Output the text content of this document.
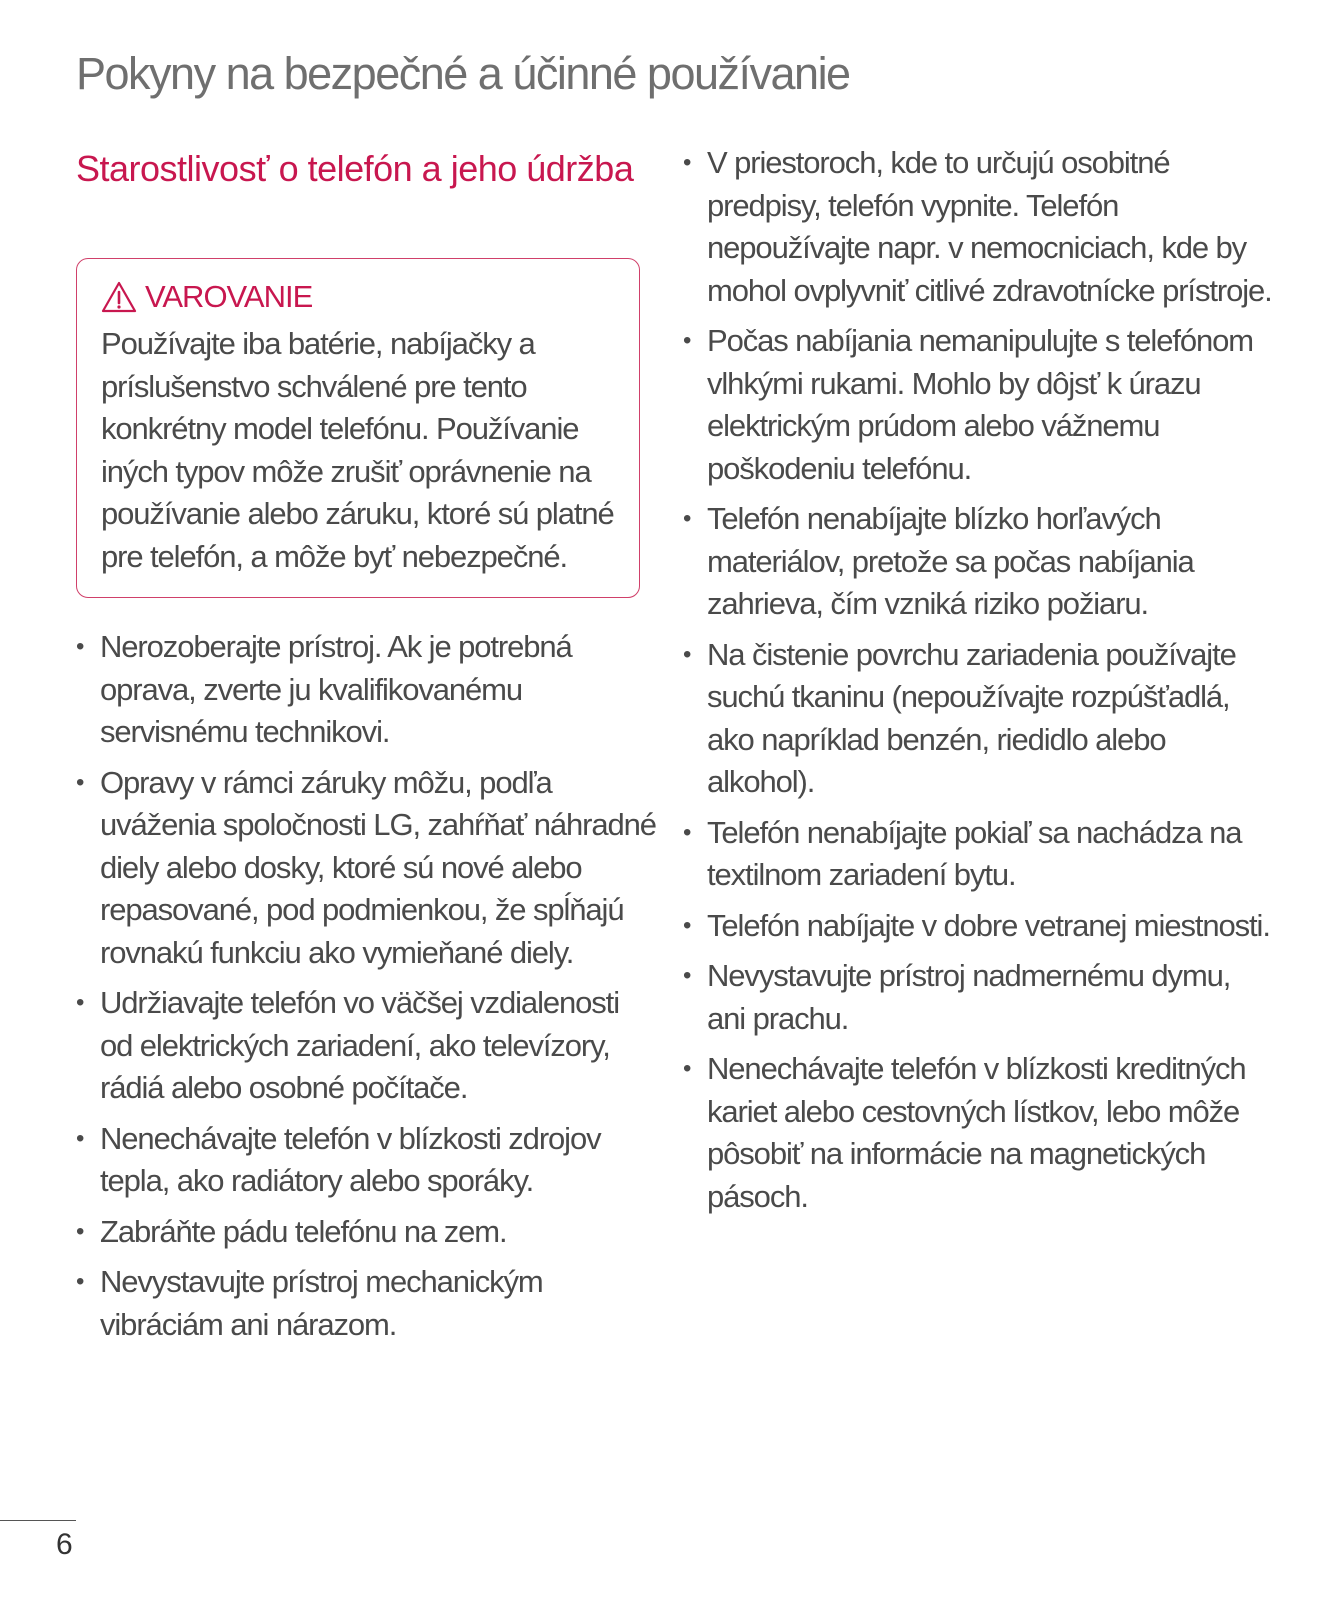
Pokyny na bezpečné a účinné používanie
Starostlivosť o telefón a jeho údržba
VAROVANIE

Používajte iba batérie, nabíjačky a príslušenstvo schválené pre tento konkrétny model telefónu. Používanie iných typov môže zrušiť oprávnenie na používanie alebo záruku, ktoré sú platné pre telefón, a môže byť nebezpečné.

• Nerozoberajte prístroj. Ak je potrebná oprava, zverte ju kvalifikovanému servisnému technikovi.
• Opravy v rámci záruky môžu, podľa uváženia spoločnosti LG, zahŕňať náhradné diely alebo dosky, ktoré sú nové alebo repasované, pod podmienkou, že spĺňajú rovnakú funkciu ako vymieňané diely.
• Udržiavajte telefón vo väčšej vzdialenosti od elektrických zariadení, ako televízory, rádiá alebo osobné počítače.
• Nenechávajte telefón v blízkosti zdrojov tepla, ako radiátory alebo sporáky.
• Zabráňte pádu telefónu na zem.
• Nevystavujte prístroj mechanickým vibráciám ani nárazom.
• V priestoroch, kde to určujú osobitné predpisy, telefón vypnite. Telefón nepoužívajte napr. v nemocniciach, kde by mohol ovplyvniť citlivé zdravotnícke prístroje.
• Počas nabíjania nemanipulujte s telefónom vlhkými rukami. Mohlo by dôjsť k úrazu elektrickým prúdom alebo vážnemu poškodeniu telefónu.
• Telefón nenabíjajte blízko horľavých materiálov, pretože sa počas nabíjania zahrieva, čím vzniká riziko požiaru.
• Na čistenie povrchu zariadenia používajte suchú tkaninu (nepoužívajte rozpúšťadlá, ako napríklad benzén, riedidlo alebo alkohol).
• Telefón nenabíjajte pokiaľ sa nachádza na textilnom zariadení bytu.
• Telefón nabíjajte v dobre vetranej miestnosti.
• Nevystavujte prístroj nadmernému dymu, ani prachu.
• Nenechávajte telefón v blízkosti kreditných kariet alebo cestovných lístkov, lebo môže pôsobiť na informácie na magnetických pásoch.
6
